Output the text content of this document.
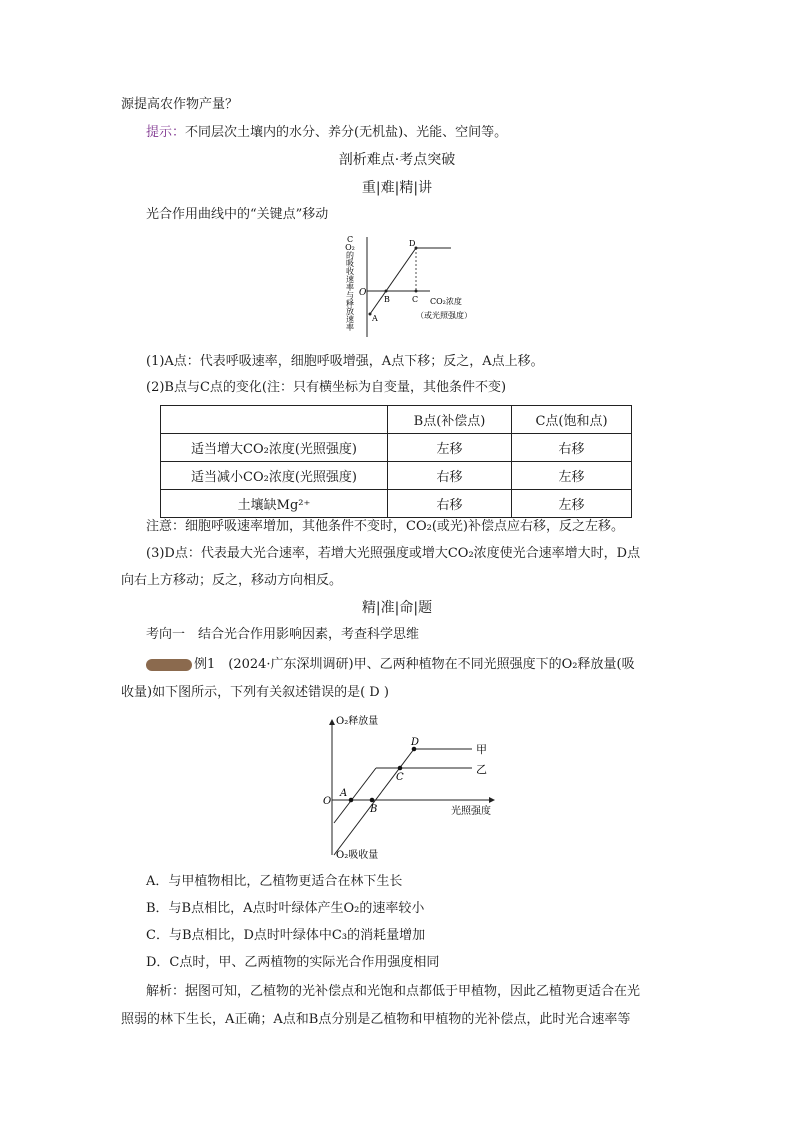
源提高农作物产量？
提示：不同层次土壤内的水分、养分(无机盐)、光能、空间等。
剖析难点·考点突破
重|难|精|讲
光合作用曲线中的“关键点”移动
C O₂ 的吸收速率与释放速率
O
A
B	C
D
CO₂浓度
（或光照强度）
(1)A点：代表呼吸速率，细胞呼吸增强，A点下移；反之，A点上移。
(2)B点与C点的变化(注：只有横坐标为自变量，其他条件不变)
	B点(补偿点)	C点(饱和点)
适当增大CO₂浓度(光照强度)	左移	右移
适当减小CO₂浓度(光照强度)	右移	左移
土壤缺Mg²⁺	右移	左移
注意：细胞呼吸速率增加，其他条件不变时，CO₂(或光)补偿点应右移，反之左移。
(3)D点：代表最大光合速率，若增大光照强度或增大CO₂浓度使光合速率增大时，D点
向右上方移动；反之，移动方向相反。
精|准|命|题
考向一　结合光合作用影响因素，考查科学思维
例1　(2024·广东深圳调研)甲、乙两种植物在不同光照强度下的O₂释放量(吸
收量)如下图所示，下列有关叙述错误的是( D )
O₂释放量
O
A
B
C
D
甲
乙
光照强度
O₂吸收量
A．与甲植物相比，乙植物更适合在林下生长
B．与B点相比，A点时叶绿体产生O₂的速率较小
C．与B点相比，D点时叶绿体中C₃的消耗量增加
D．C点时，甲、乙两植物的实际光合作用强度相同
解析：据图可知，乙植物的光补偿点和光饱和点都低于甲植物，因此乙植物更适合在光
照弱的林下生长，A正确；A点和B点分别是乙植物和甲植物的光补偿点，此时光合速率等
